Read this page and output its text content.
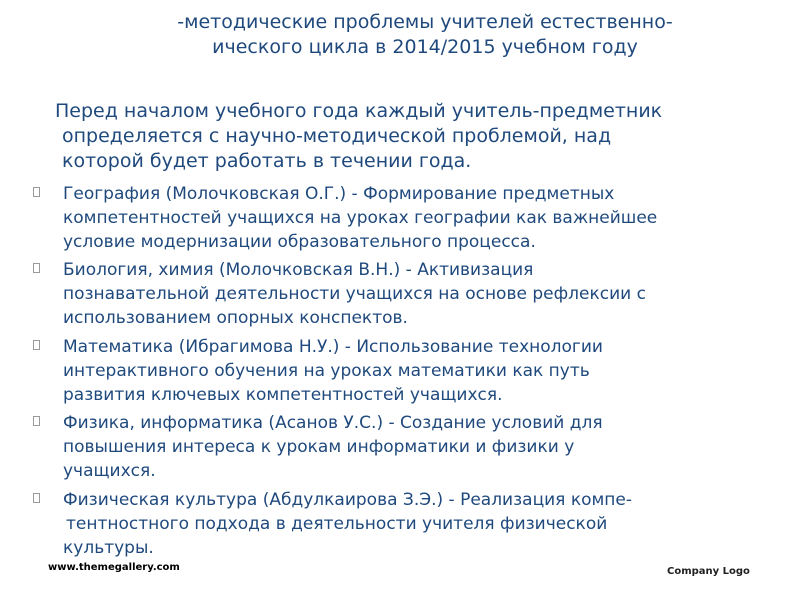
-методические проблемы учителей естественно-
ического цикла в 2014/2015 учебном году
Перед началом учебного года каждый учитель-предметник
определяется с научно-методической проблемой, над
которой будет работать в течении года.
География (Молочковская О.Г.) - Формирование предметных
компетентностей учащихся на уроках географии как важнейшее
условие модернизации образовательного процесса.
Биология, химия (Молочковская В.Н.) - Активизация
познавательной деятельности учащихся на основе рефлексии с
использованием опорных конспектов.
Математика (Ибрагимова Н.У.) - Использование технологии
интерактивного обучения на уроках математики как путь
развития ключевых компетентностей учащихся.
Физика, информатика (Асанов У.С.) - Создание условий для
повышения интереса к урокам информатики и физики у
учащихся.
Физическая культура (Абдулкаирова З.Э.) - Реализация компе-
тентностного подхода в деятельности учителя физической
культуры.
www.themegallery.com	Company Logo
